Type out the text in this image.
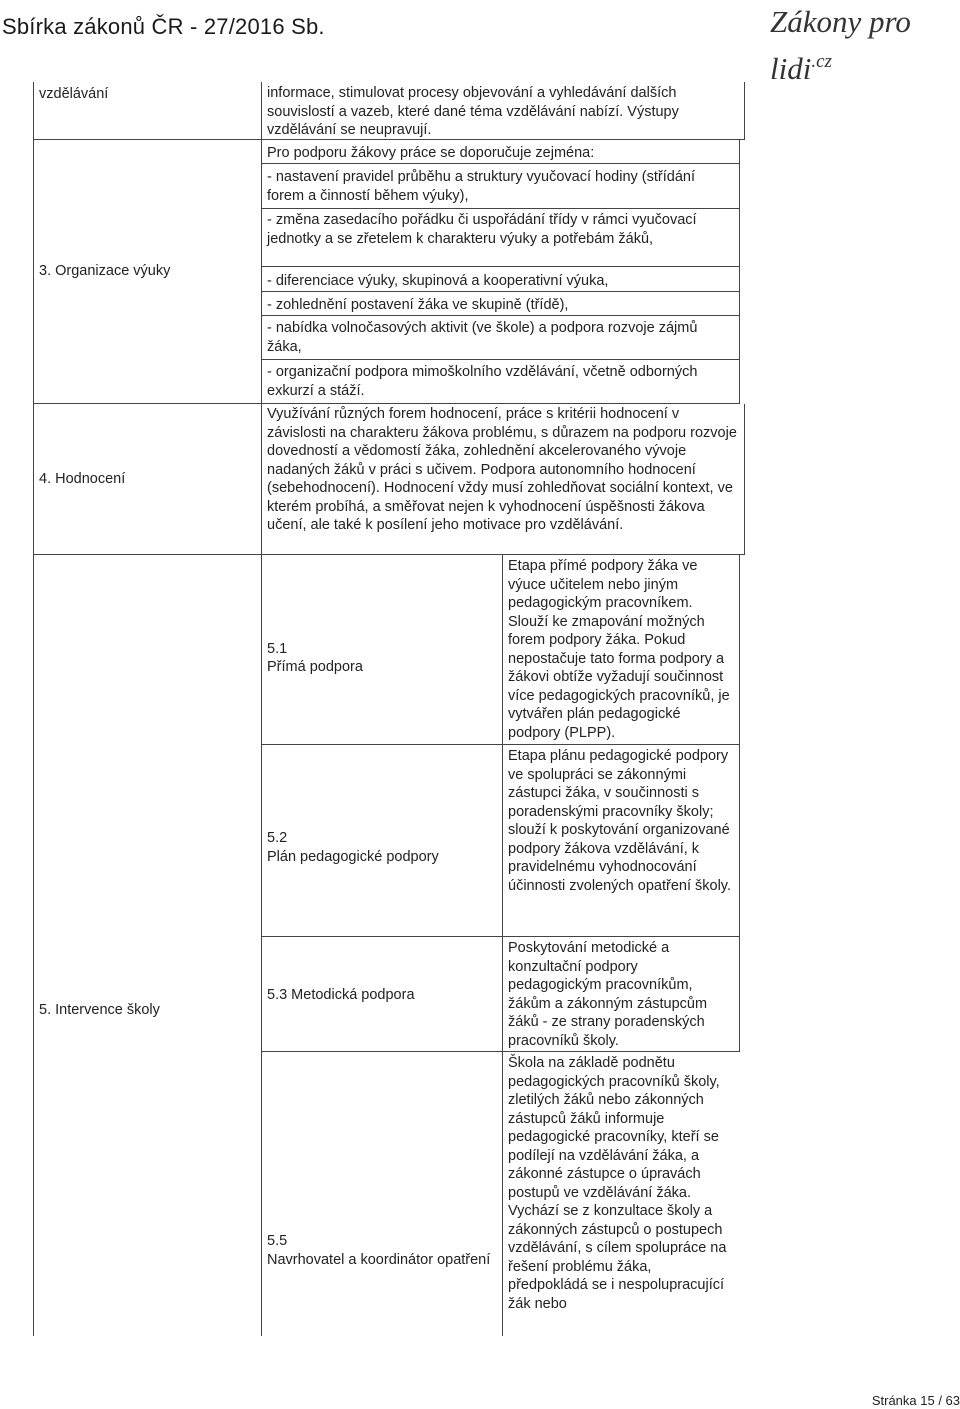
Sbírka zákonů ČR - 27/2016 Sb.	Zákony pro lidi$^{.cz}$
vzdělávání	informace, stimulovat procesy objevování a vyhledávání dalších souvislostí a vazeb, které dané téma vzdělávání nabízí. Výstupy vzdělávání se neupravují.
3. Organizace výuky
Pro podporu žákovy práce se doporučuje zejména:
- nastavení pravidel průběhu a struktury vyučovací hodiny (střídání forem a činností během výuky),
- změna zasedacího pořádku či uspořádání třídy v rámci vyučovací jednotky a se zřetelem k charakteru výuky a potřebám žáků,
- diferenciace výuky, skupinová a kooperativní výuka,
- zohlednění postavení žáka ve skupině (třídě),
- nabídka volnočasových aktivit (ve škole) a podpora rozvoje zájmů žáka,
- organizační podpora mimoškolního vzdělávání, včetně odborných exkurzí a stáží.
4. Hodnocení
Využívání různých forem hodnocení, práce s kritérii hodnocení v závislosti na charakteru žákova problému, s důrazem na podporu rozvoje dovedností a vědomostí žáka, zohlednění akcelerovaného vývoje nadaných žáků v práci s učivem. Podpora autonomního hodnocení (sebehodnocení). Hodnocení vždy musí zohledňovat sociální kontext, ve kterém probíhá, a směřovat nejen k vyhodnocení úspěšnosti žákova učení, ale také k posílení jeho motivace pro vzdělávání.
5. Intervence školy
5.1
Přímá podpora
Etapa přímé podpory žáka ve výuce učitelem nebo jiným pedagogickým pracovníkem. Slouží ke zmapování možných forem podpory žáka. Pokud nepostačuje tato forma podpory a žákovi obtíže vyžadují součinnost více pedagogických pracovníků, je vytvářen plán pedagogické podpory (PLPP).
5.2
Plán pedagogické podpory
Etapa plánu pedagogické podpory ve spolupráci se zákonnými zástupci žáka, v součinnosti s poradenskými pracovníky školy; slouží k poskytování organizované podpory žákova vzdělávání, k pravidelnému vyhodnocování účinnosti zvolených opatření školy.
5.3 Metodická podpora
Poskytování metodické a konzultační podpory pedagogickým pracovníkům, žákům a zákonným zástupcům žáků - ze strany poradenských pracovníků školy.
5.5
Navrhovatel a koordinátor opatření
Škola na základě podnětu pedagogických pracovníků školy, zletilých žáků nebo zákonných zástupců žáků informuje pedagogické pracovníky, kteří se podílejí na vzdělávání žáka, a zákonné zástupce o úpravách postupů ve vzdělávání žáka. Vychází se z konzultace školy a zákonných zástupců o postupech vzdělávání, s cílem spolupráce na řešení problému žáka, předpokládá se i nespolupracující žák nebo
Stránka 15 / 63
